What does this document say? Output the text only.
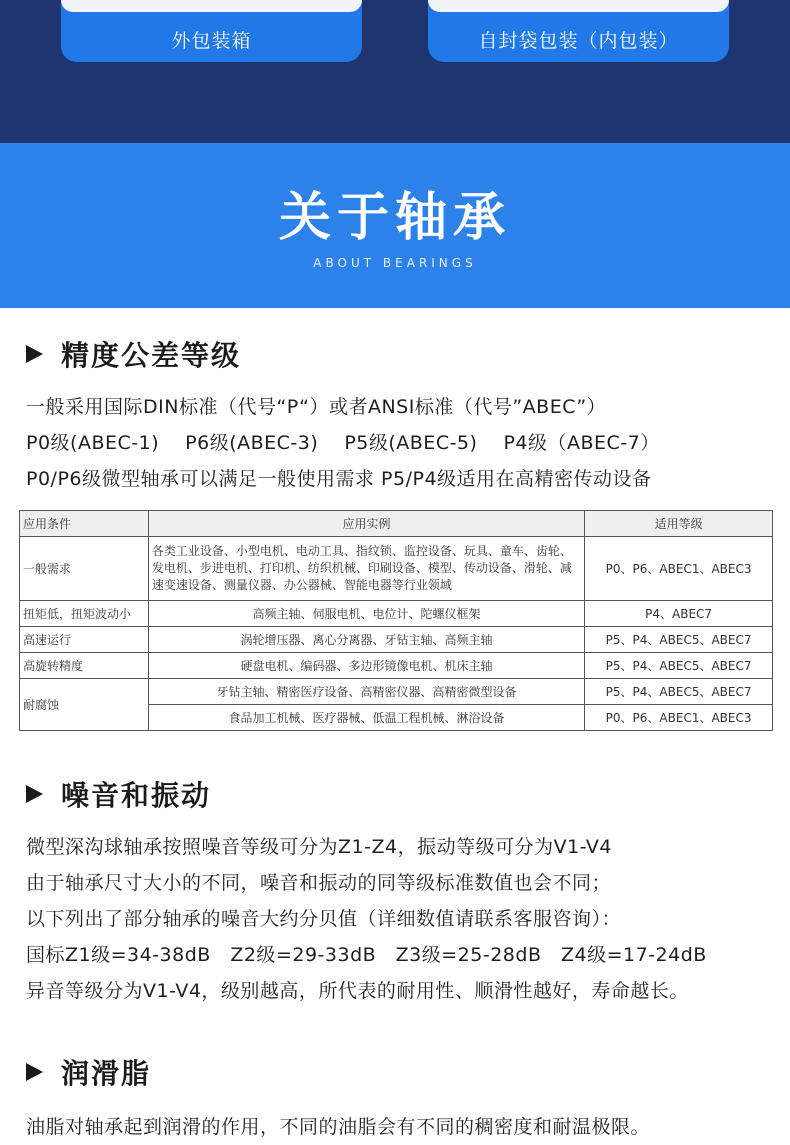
外包装箱	自封袋包装（内包装）
关于轴承
ABOUT BEARINGS
精度公差等级
一般采用国际DIN标准（代号“P“）或者ANSI标准（代号”ABEC”）
P0级(ABEC-1)　 P6级(ABEC-3)　 P5级(ABEC-5)　 P4级（ABEC-7）
P0/P6级微型轴承可以满足一般使用需求 P5/P4级适用在高精密传动设备
应用条件	应用实例	适用等级
一般需求	各类工业设备、小型电机、电动工具、指纹锁、监控设备、玩具、童车、齿轮、发电机、步进电机、打印机、纺织机械、印刷设备、模型、传动设备、滑轮、减速变速设备、测量仪器、办公器械、智能电器等行业领域	P0、P6、ABEC1、ABEC3
扭矩低，扭矩波动小	高频主轴、伺服电机、电位计、陀螺仪框架	P4、ABEC7
高速运行	涡轮增压器、离心分离器、牙钻主轴、高频主轴	P5、P4、ABEC5、ABEC7
高旋转精度	硬盘电机、编码器、多边形镜像电机、机床主轴	P5、P4、ABEC5、ABEC7
耐腐蚀	牙钻主轴、精密医疗设备、高精密仪器、高精密微型设备	P5、P4、ABEC5、ABEC7
	食品加工机械、医疗器械、低温工程机械、淋浴设备	P0、P6、ABEC1、ABEC3
噪音和振动
微型深沟球轴承按照噪音等级可分为Z1-Z4，振动等级可分为V1-V4
由于轴承尺寸大小的不同，噪音和振动的同等级标准数值也会不同；
以下列出了部分轴承的噪音大约分贝值（详细数值请联系客服咨询）：
国标Z1级=34-38dB　Z2级=29-33dB　Z3级=25-28dB　Z4级=17-24dB
异音等级分为V1-V4，级别越高，所代表的耐用性、顺滑性越好，寿命越长。
润滑脂
油脂对轴承起到润滑的作用，不同的油脂会有不同的稠密度和耐温极限。
